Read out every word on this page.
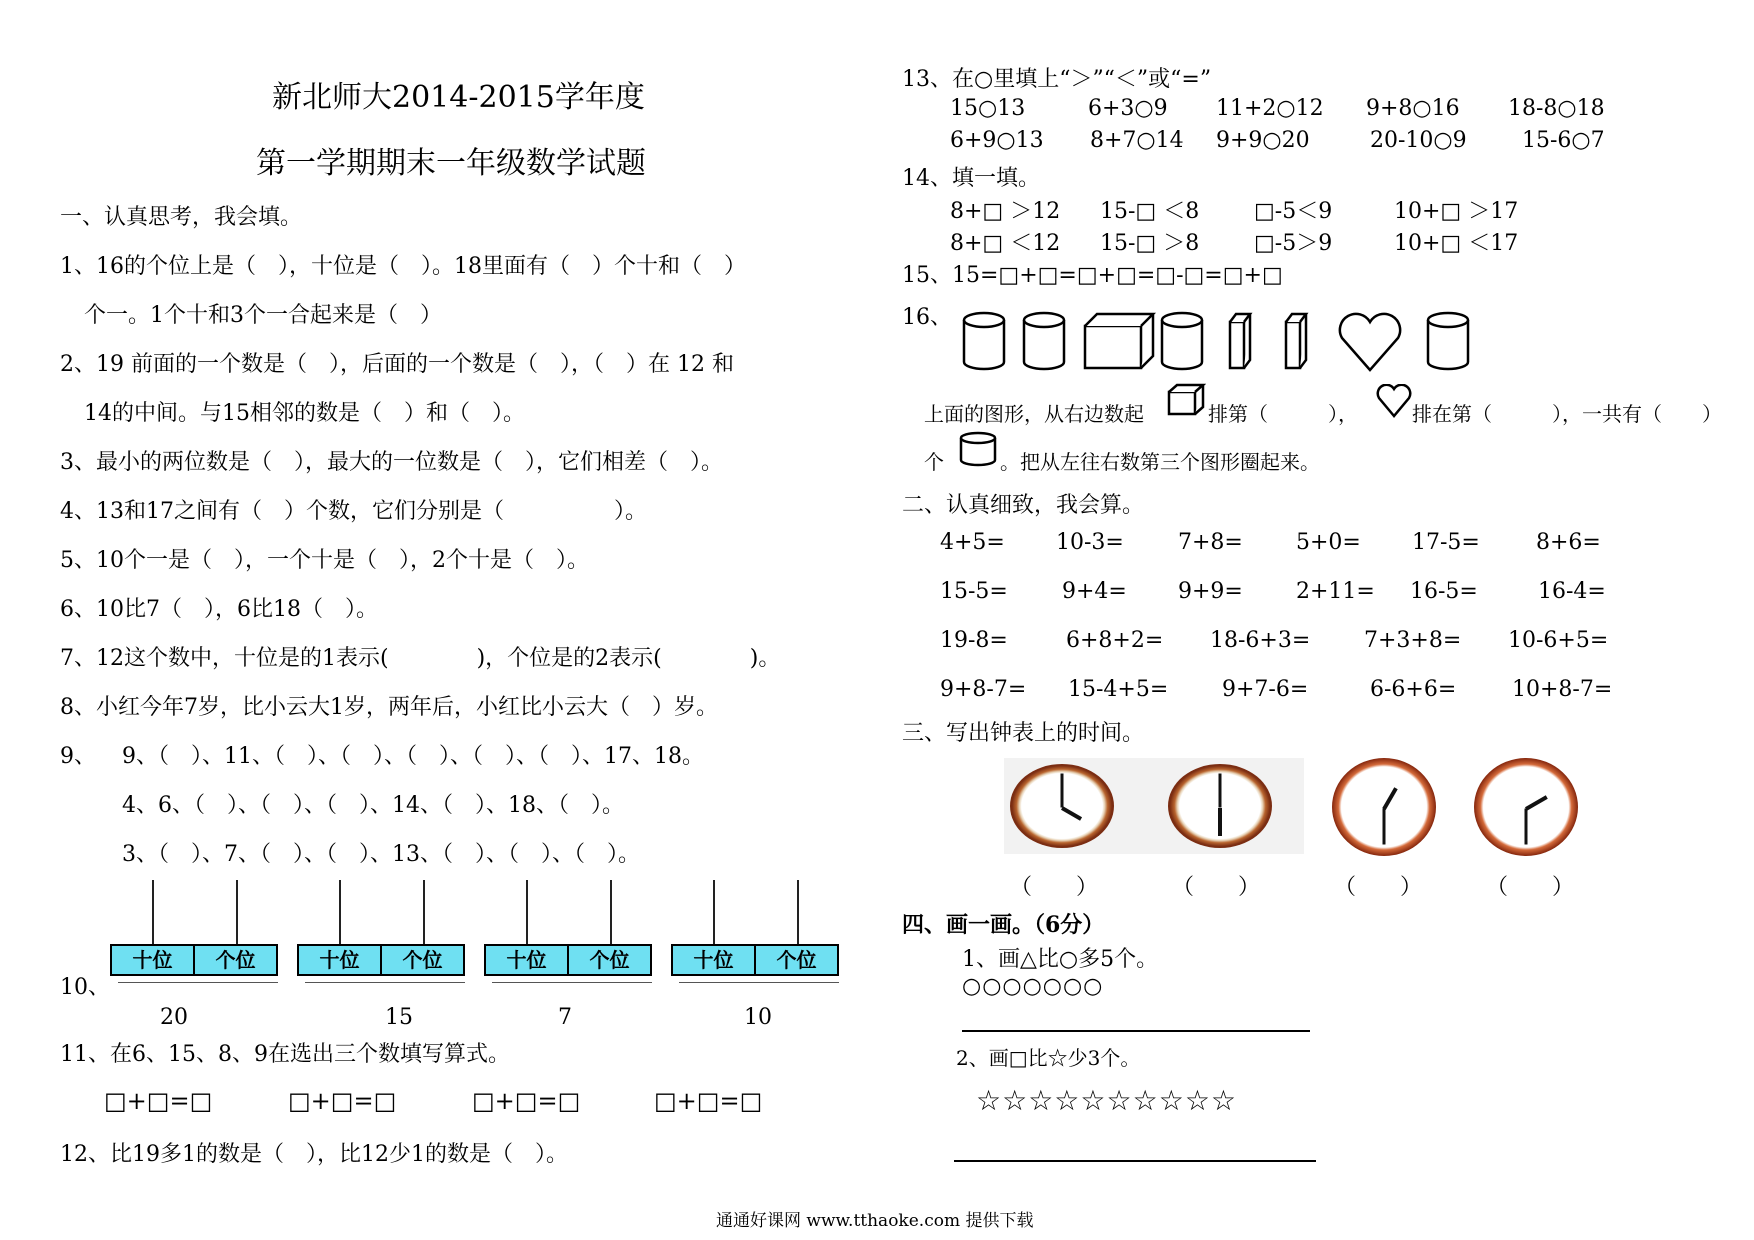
新北师大2014-2015学年度
第一学期期末一年级数学试题
一、认真思考，我会填。
1、16的个位上是（　），十位是（　）。18里面有（　）个十和（　）
个一。1个十和3个一合起来是（　）
2、19 前面的一个数是（　），后面的一个数是（　），（　）在 12 和
14的中间。与15相邻的数是（　）和（　）。
3、最小的两位数是（　），最大的一位数是（　），它们相差（　）。
4、13和17之间有（　）个数，它们分别是（　　　　　）。
5、10个一是（　），一个十是（　），2个十是（　）。
6、10比7（　），6比18（　）。
7、12这个数中，十位是的1表示(　　　　)，个位是的2表示(　　　　)。
8、小红今年7岁，比小云大1岁，两年后，小红比小云大（　）岁。
9、 9、（　）、11、（　）、（　）、（　）、（　）、（　）、17、18。
4、6、（　）、（　）、（　）、14、（　）、18、（　）。
3、（　）、7、（　）、（　）、13、（　）、（　）、（　）。
10、
十位	个位	十位	个位	十位	个位	十位	个位
20	15	7	10
11、在6、15、8、9在选出三个数填写算式。
□+□=□	□+□=□	□+□=□	□+□=□
12、比19多1的数是（　），比12少1的数是（　）。
13、在○里填上“＞”“＜”或“=”
15○13	6+3○9 11+2○12 9+8○16 18-8○18
6+9○13 8+7○14 9+9○20	20-10○9	15-6○7
14、填一填。
8+□ ＞12 15-□ ＜8 □-5＜9	10+□ ＞17
8+□ ＜12 15-□ ＞8 □-5＞9	10+□ ＜17
15、15=□+□=□+□=□-□=□+□
16、
上面的图形，从右边数起	排第（　　　），	排在第（　　　），一共有（　　）
个	。把从左往右数第三个图形圈起来。
二、认真细致，我会算。
4+5= 10-3= 7+8= 5+0= 17-5=	8+6=
15-5= 9+4= 9+9= 2+11= 16-5=	16-4=
19-8=	6+8+2= 18-6+3= 7+3+8= 10-6+5=
9+8-7= 15-4+5= 9+7-6=	6-6+6=	10+8-7=
三、写出钟表上的时间。
（　　）	（　　）	（　　）	（　　）
四、画一画。（6分）
1、画△比○多5个。
○○○○○○○
2、画□比☆少3个。
☆☆☆☆☆☆☆☆☆☆
通通好课网 www.tthaoke.com 提供下载
